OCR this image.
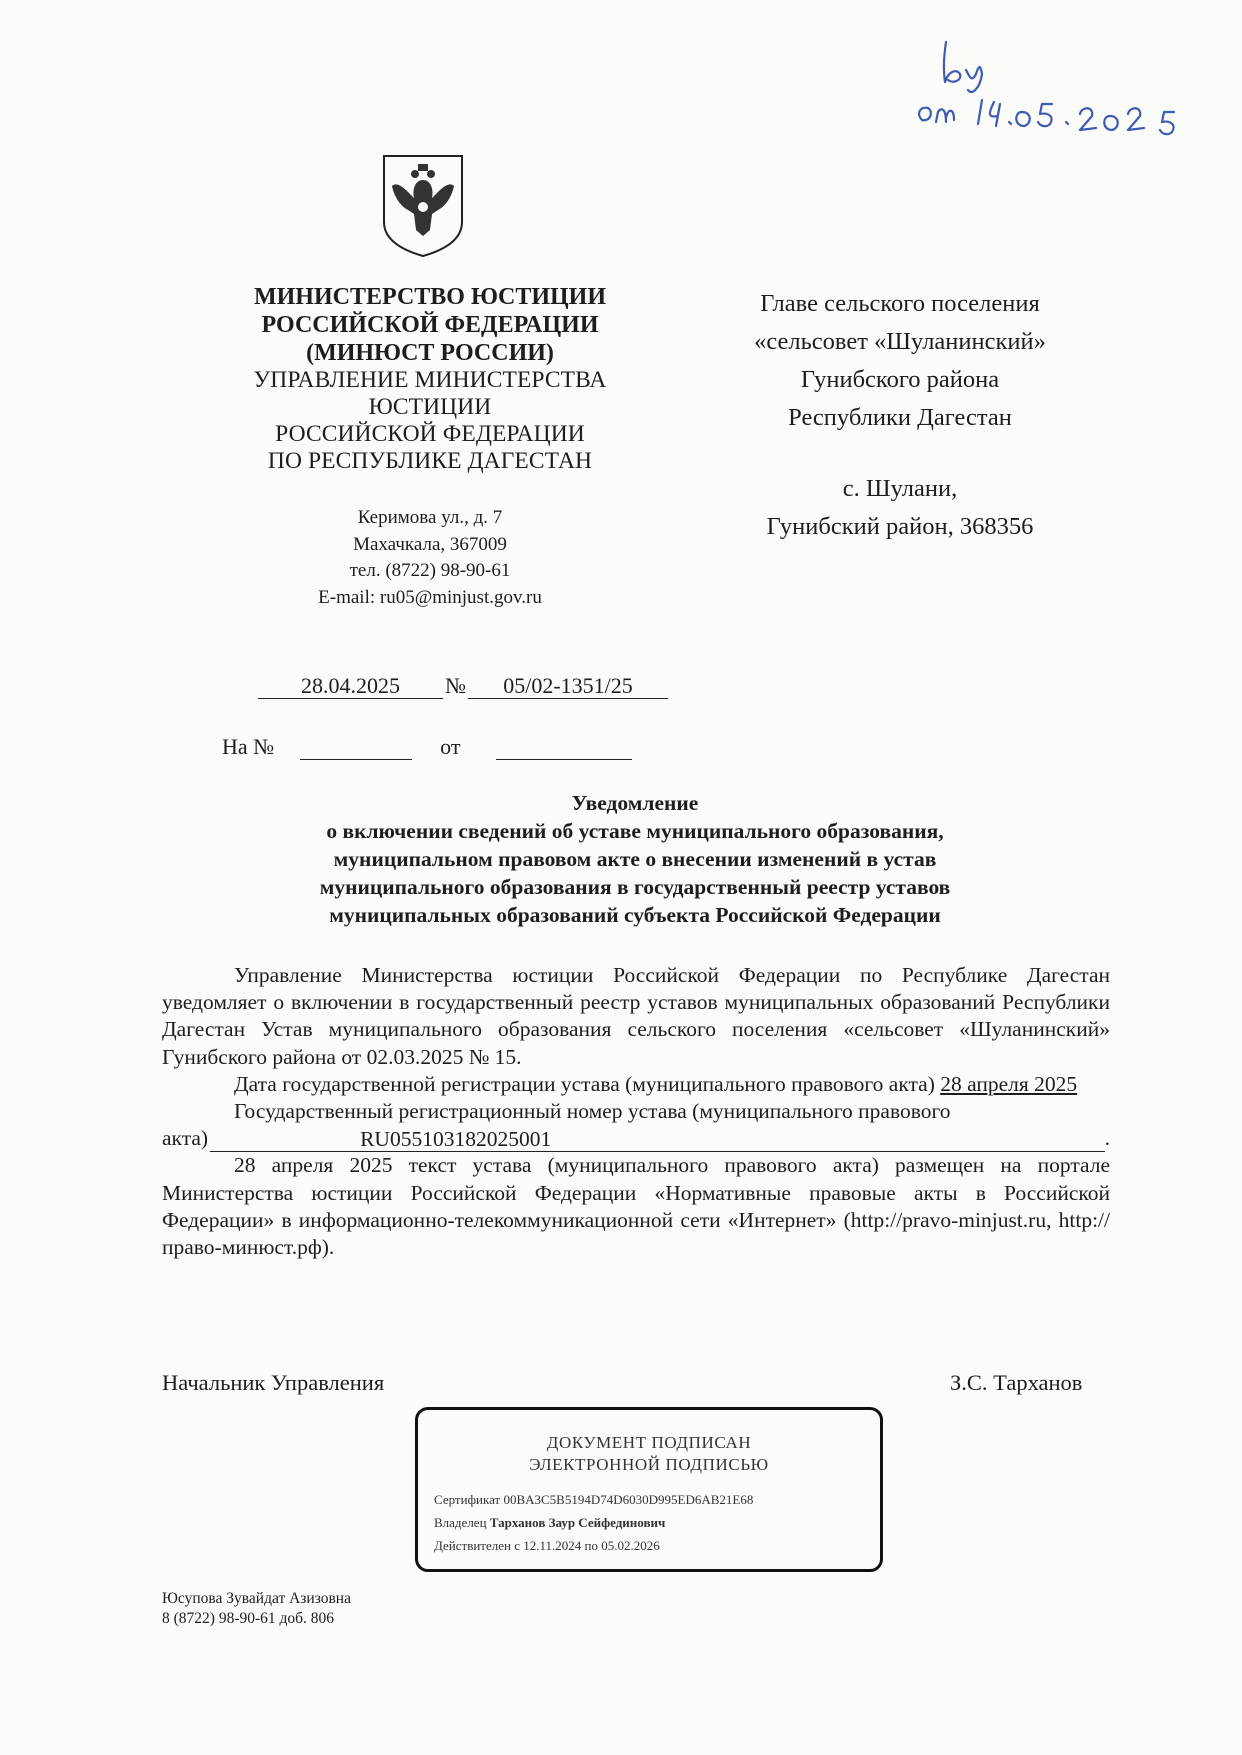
МИНИСТЕРСТВО ЮСТИЦИИ
РОССИЙСКОЙ ФЕДЕРАЦИИ
(МИНЮСТ РОССИИ)
УПРАВЛЕНИЕ МИНИСТЕРСТВА
ЮСТИЦИИ
РОССИЙСКОЙ ФЕДЕРАЦИИ
ПО РЕСПУБЛИКЕ ДАГЕСТАН
Керимова ул., д. 7
Махачкала, 367009
тел. (8722) 98-90-61
E-mail: ru05@minjust.gov.ru
Главе сельского поселения
«сельсовет «Шуланинский»
Гунибского района
Республики Дагестан
с. Шулани,
Гунибский район, 368356
28.04.2025 № 05/02-1351/25
На №	от
Уведомление
о включении сведений об уставе муниципального образования,
муниципальном правовом акте о внесении изменений в устав
муниципального образования в государственный реестр уставов
муниципальных образований субъекта Российской Федерации

Управление Министерства юстиции Российской Федерации по Республике Дагестан уведомляет о включении в государственный реестр уставов муниципальных образований Республики Дагестан Устав муниципального образования сельского поселения «сельсовет «Шуланинский» Гунибского района от 02.03.2025 № 15.

Дата государственной регистрации устава (муниципального правового акта) 28 апреля 2025

Государственный регистрационный номер устава (муниципального правового

акта)	RU055103182025001	.

28 апреля 2025 текст устава (муниципального правового акта) размещен на портале Министерства юстиции Российской Федерации «Нормативные правовые акты в Российской Федерации» в информационно-телекоммуникационной сети «Интернет» (http://pravo-minjust.ru, http://право-минюст.рф).

Начальник Управления	З.С. Тарханов
ДОКУМЕНТ ПОДПИСАН
ЭЛЕКТРОННОЙ ПОДПИСЬЮ
Сертификат 00BA3C5B5194D74D6030D995ED6AB21E68
Владелец Тарханов Заур Сейфединович
Действителен с 12.11.2024 по 05.02.2026
Юсупова Зувайдат Азизовна
8 (8722) 98-90-61 доб. 806
